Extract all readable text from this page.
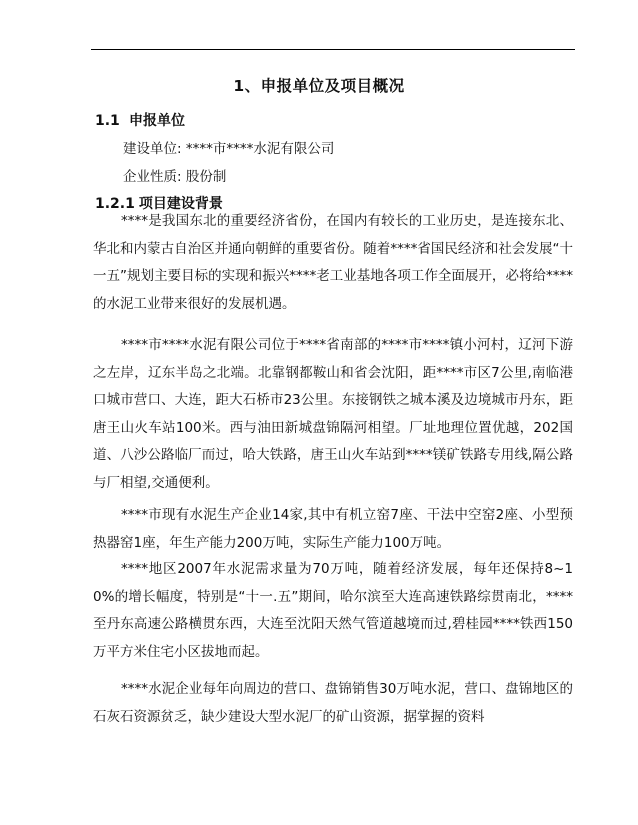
1、申报单位及项目概况
1.1 申报单位
建设单位: ****市****水泥有限公司
企业性质: 股份制
1.2.1 项目建设背景

****是我国东北的重要经济省份，在国内有较长的工业历史，是连接东北、华北和内蒙古自治区并通向朝鲜的重要省份。随着****省国民经济和社会发展“十一五”规划主要目标的实现和振兴****老工业基地各项工作全面展开，必将给****的水泥工业带来很好的发展机遇。

****市****水泥有限公司位于****省南部的****市****镇小河村，辽河下游之左岸，辽东半岛之北端。北靠钢都鞍山和省会沈阳，距****市区7公里,南临港口城市营口、大连，距大石桥市23公里。东接钢铁之城本溪及边境城市丹东，距唐王山火车站100米。西与油田新城盘锦隔河相望。厂址地理位置优越，202国道、八沙公路临厂而过，哈大铁路，唐王山火车站到****镁矿铁路专用线,隔公路与厂相望,交通便利。

****市现有水泥生产企业14家,其中有机立窑7座、干法中空窑2座、小型预热器窑1座，年生产能力200万吨，实际生产能力100万吨。

****地区2007年水泥需求量为70万吨，随着经济发展，每年还保持8~10%的增长幅度，特别是“十一.五”期间，哈尔滨至大连高速铁路综贯南北，****至丹东高速公路横贯东西，大连至沈阳天然气管道越境而过,碧桂园****铁西150万平方米住宅小区拔地而起。

****水泥企业每年向周边的营口、盘锦销售30万吨水泥，营口、盘锦地区的石灰石资源贫乏，缺少建设大型水泥厂的矿山资源，据掌握的资料
